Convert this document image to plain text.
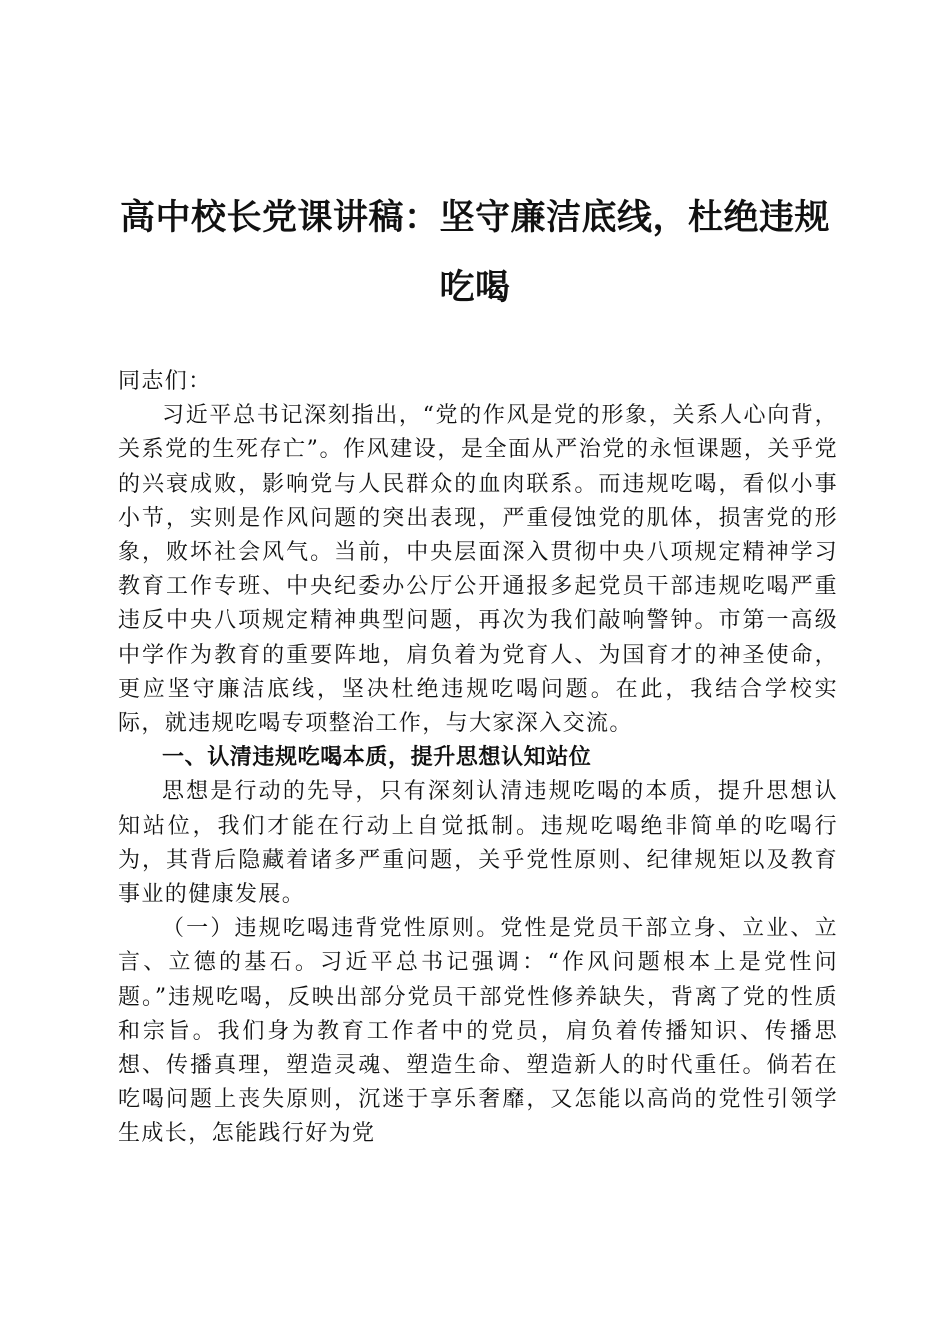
高中校长党课讲稿：坚守廉洁底线，杜绝违规
吃喝

同志们：

习近平总书记深刻指出，“党的作风是党的形象，关系人心向背，关系党的生死存亡”。作风建设，是全面从严治党的永恒课题，关乎党的兴衰成败，影响党与人民群众的血肉联系。而违规吃喝，看似小事小节，实则是作风问题的突出表现，严重侵蚀党的肌体，损害党的形象，败坏社会风气。当前，中央层面深入贯彻中央八项规定精神学习教育工作专班、中央纪委办公厅公开通报多起党员干部违规吃喝严重违反中央八项规定精神典型问题，再次为我们敲响警钟。市第一高级中学作为教育的重要阵地，肩负着为党育人、为国育才的神圣使命，更应坚守廉洁底线，坚决杜绝违规吃喝问题。在此，我结合学校实际，就违规吃喝专项整治工作，与大家深入交流。

一、认清违规吃喝本质，提升思想认知站位

思想是行动的先导，只有深刻认清违规吃喝的本质，提升思想认知站位，我们才能在行动上自觉抵制。违规吃喝绝非简单的吃喝行为，其背后隐藏着诸多严重问题，关乎党性原则、纪律规矩以及教育事业的健康发展。

（一）违规吃喝违背党性原则。党性是党员干部立身、立业、立言、立德的基石。习近平总书记强调：“作风问题根本上是党性问题。”违规吃喝，反映出部分党员干部党性修养缺失，背离了党的性质和宗旨。我们身为教育工作者中的党员，肩负着传播知识、传播思想、传播真理，塑造灵魂、塑造生命、塑造新人的时代重任。倘若在吃喝问题上丧失原则，沉迷于享乐奢靡，又怎能以高尚的党性引领学生成长，怎能践行好为党
